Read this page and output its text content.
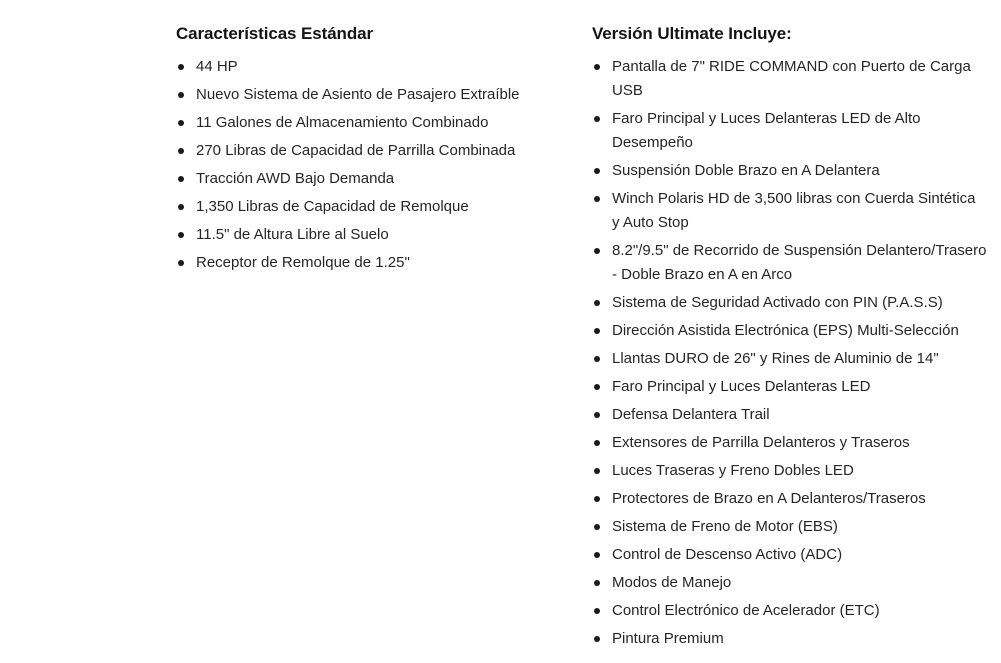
Características Estándar
44 HP
Nuevo Sistema de Asiento de Pasajero Extraíble
11 Galones de Almacenamiento Combinado
270 Libras de Capacidad de Parrilla Combinada
Tracción AWD Bajo Demanda
1,350 Libras de Capacidad de Remolque
11.5" de Altura Libre al Suelo
Receptor de Remolque de 1.25"
Versión Ultimate Incluye:
Pantalla de 7" RIDE COMMAND con Puerto de Carga USB
Faro Principal y Luces Delanteras LED de Alto Desempeño
Suspensión Doble Brazo en A Delantera
Winch Polaris HD de 3,500 libras con Cuerda Sintética y Auto Stop
8.2"/9.5" de Recorrido de Suspensión Delantero/Trasero - Doble Brazo en A en Arco
Sistema de Seguridad Activado con PIN (P.A.S.S)
Dirección Asistida Electrónica (EPS) Multi-Selección
Llantas DURO de 26" y Rines de Aluminio de 14"
Faro Principal y Luces Delanteras LED
Defensa Delantera Trail
Extensores de Parrilla Delanteros y Traseros
Luces Traseras y Freno Dobles LED
Protectores de Brazo en A Delanteros/Traseros
Sistema de Freno de Motor (EBS)
Control de Descenso Activo (ADC)
Modos de Manejo
Control Electrónico de Acelerador (ETC)
Pintura Premium
